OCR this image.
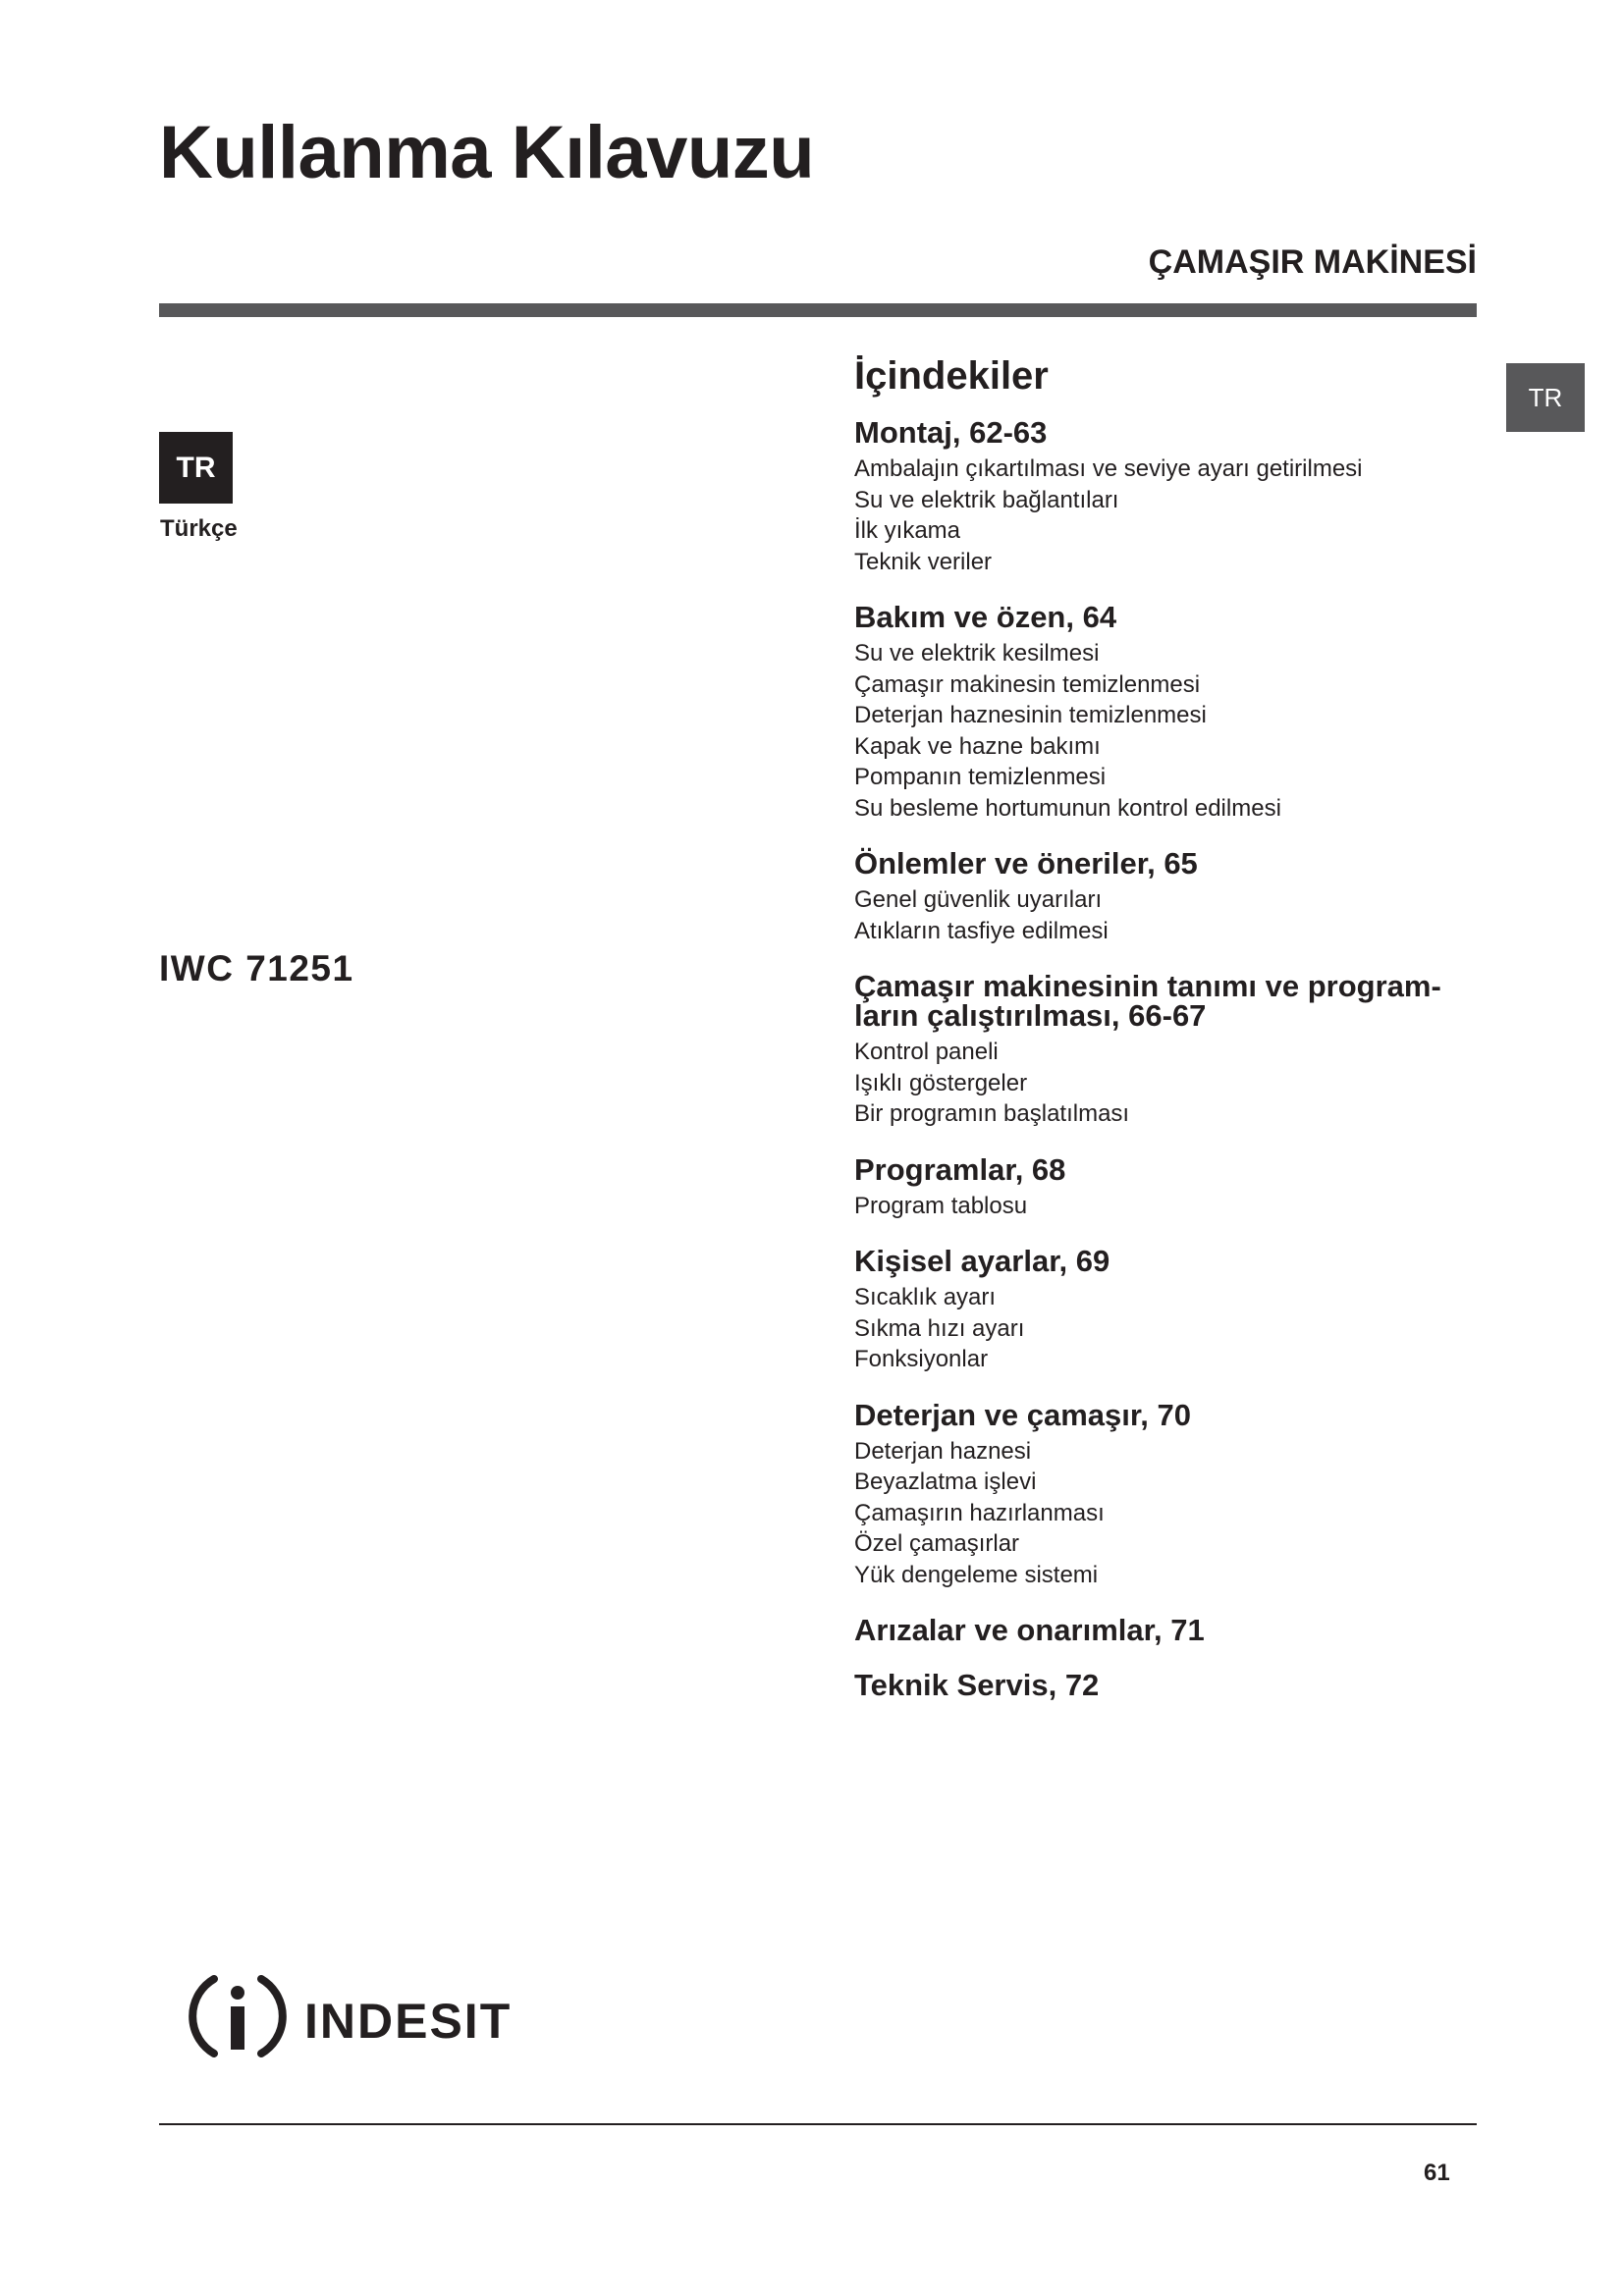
Kullanma Kılavuzu
ÇAMAŞIR MAKİNESİ
TR
TR
Türkçe
IWC 71251
İçindekiler
Montaj, 62-63
Ambalajın çıkartılması ve seviye ayarı getirilmesi
Su ve elektrik bağlantıları
İlk yıkama
Teknik veriler
Bakım ve özen, 64
Su ve elektrik kesilmesi
Çamaşır makinesin temizlenmesi
Deterjan haznesinin temizlenmesi
Kapak ve hazne bakımı
Pompanın temizlenmesi
Su besleme hortumunun kontrol edilmesi
Önlemler ve öneriler, 65
Genel güvenlik uyarıları
Atıkların tasfiye edilmesi
Çamaşır makinesinin tanımı ve program-
ların çalıştırılması, 66-67
Kontrol paneli
Işıklı göstergeler
Bir programın başlatılması
Programlar, 68
Program tablosu
Kişisel ayarlar, 69
Sıcaklık ayarı
Sıkma hızı ayarı
Fonksiyonlar
Deterjan ve çamaşır, 70
Deterjan haznesi
Beyazlatma işlevi
Çamaşırın hazırlanması
Özel çamaşırlar
Yük dengeleme sistemi
Arızalar ve onarımlar, 71
Teknik Servis, 72
indesit
61
